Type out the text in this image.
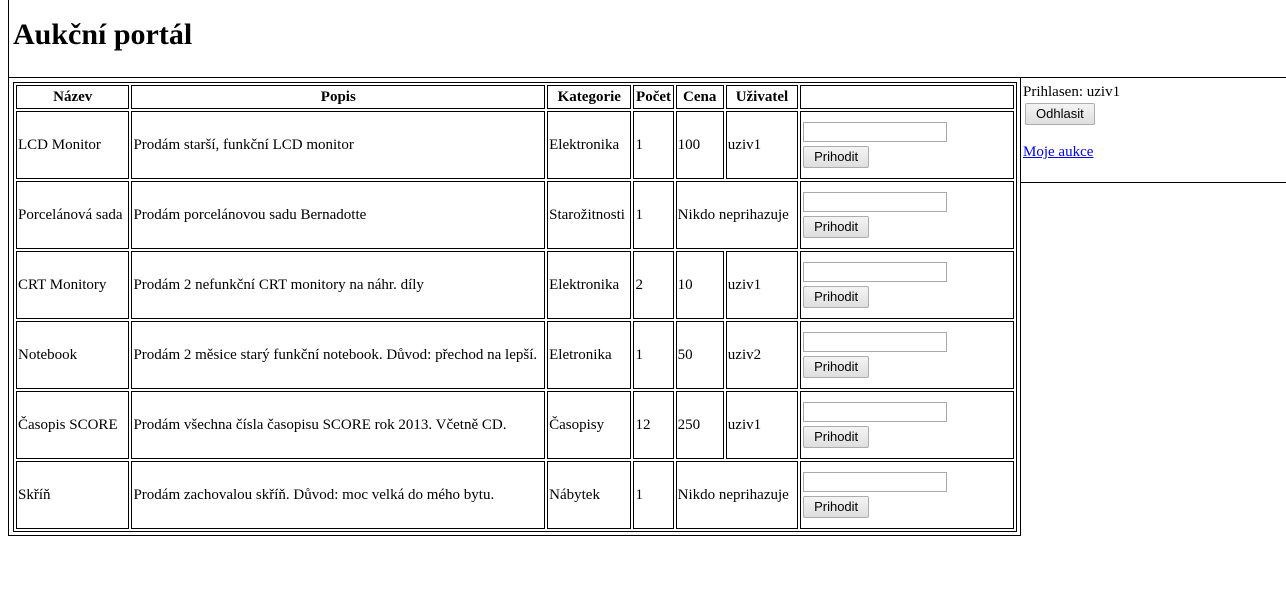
Aukční portál
Název	Popis	Kategorie	Počet	Cena	Uživatel	
LCD Monitor	Prodám starší, funkční LCD monitor	Elektronika	1	100	uziv1	Prihodit
Porcelánová sada	Prodám porcelánovou sadu Bernadotte	Starožitnosti	1	Nikdo neprihazuje		Prihodit
CRT Monitory	Prodám 2 nefunkční CRT monitory na náhr. díly	Elektronika	2	10	uziv1	Prihodit
Notebook	Prodám 2 měsice starý funkční notebook. Důvod: přechod na lepší.	Eletronika	1	50	uziv2	Prihodit
Časopis SCORE	Prodám všechna čísla časopisu SCORE rok 2013. Včetně CD.	Časopisy	12	250	uziv1	Prihodit
Skříň	Prodám zachovalou skříň. Důvod: moc velká do mého bytu.	Nábytek	1	Nikdo neprihazuje		Prihodit
Prihlasen: uziv1
Odhlasit
Moje aukce
